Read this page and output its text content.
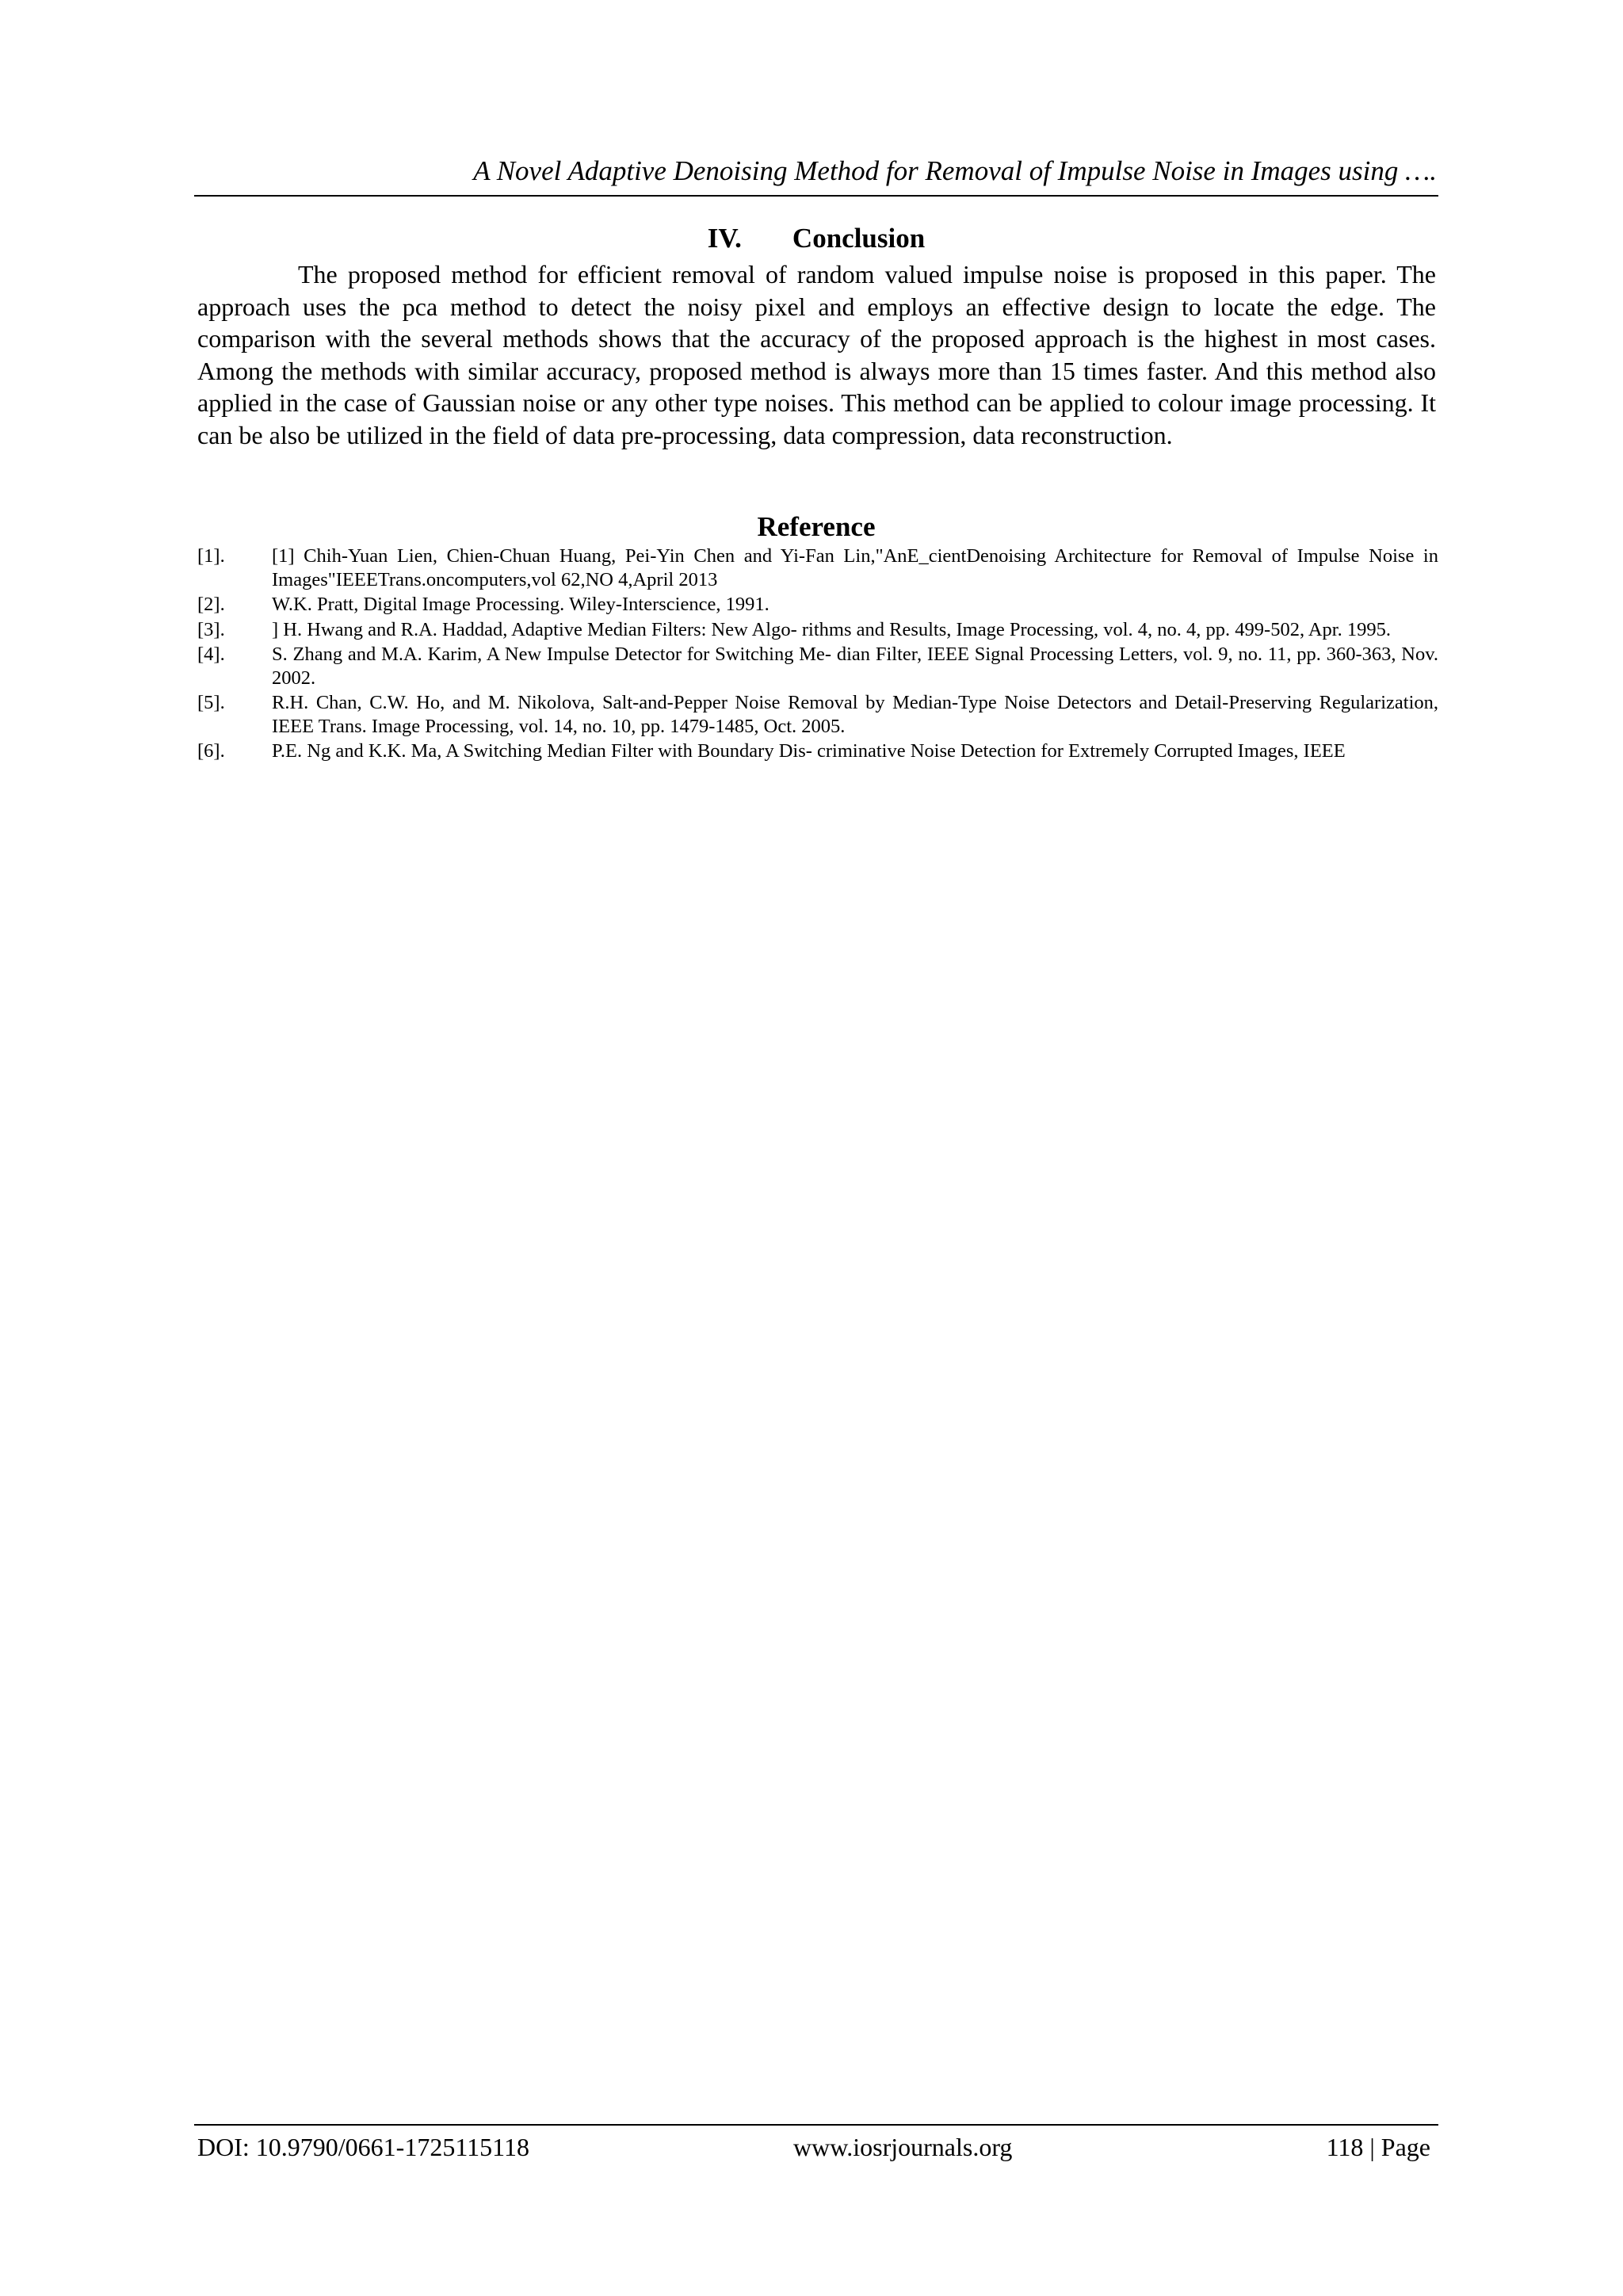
A Novel Adaptive Denoising Method for Removal of Impulse Noise in Images using ….
IV. Conclusion

The proposed method for efficient removal of random valued impulse noise is proposed in this paper. The approach uses the pca method to detect the noisy pixel and employs an effective design to locate the edge. The comparison with the several methods shows that the accuracy of the proposed approach is the highest in most cases. Among the methods with similar accuracy, proposed method is always more than 15 times faster. And this method also applied in the case of Gaussian noise or any other type noises. This method can be applied to colour image processing. It can be also be utilized in the field of data pre-processing, data compression, data reconstruction.

Reference
[1]. [1] Chih-Yuan Lien, Chien-Chuan Huang, Pei-Yin Chen and Yi-Fan Lin,"AnE_cientDenoising Architecture for Removal of Impulse Noise in Images"IEEETrans.oncomputers,vol 62,NO 4,April 2013
[2]. W.K. Pratt, Digital Image Processing. Wiley-Interscience, 1991.
[3]. ] H. Hwang and R.A. Haddad, Adaptive Median Filters: New Algo- rithms and Results, Image Processing, vol. 4, no. 4, pp. 499-502, Apr. 1995.
[4]. S. Zhang and M.A. Karim, A New Impulse Detector for Switching Me- dian Filter, IEEE Signal Processing Letters, vol. 9, no. 11, pp. 360-363, Nov. 2002.
[5]. R.H. Chan, C.W. Ho, and M. Nikolova, Salt-and-Pepper Noise Removal by Median-Type Noise Detectors and Detail-Preserving Regularization, IEEE Trans. Image Processing, vol. 14, no. 10, pp. 1479-1485, Oct. 2005.
[6]. P.E. Ng and K.K. Ma, A Switching Median Filter with Boundary Dis- criminative Noise Detection for Extremely Corrupted Images, IEEE
DOI: 10.9790/0661-1725115118	www.iosrjournals.org	118 | Page
